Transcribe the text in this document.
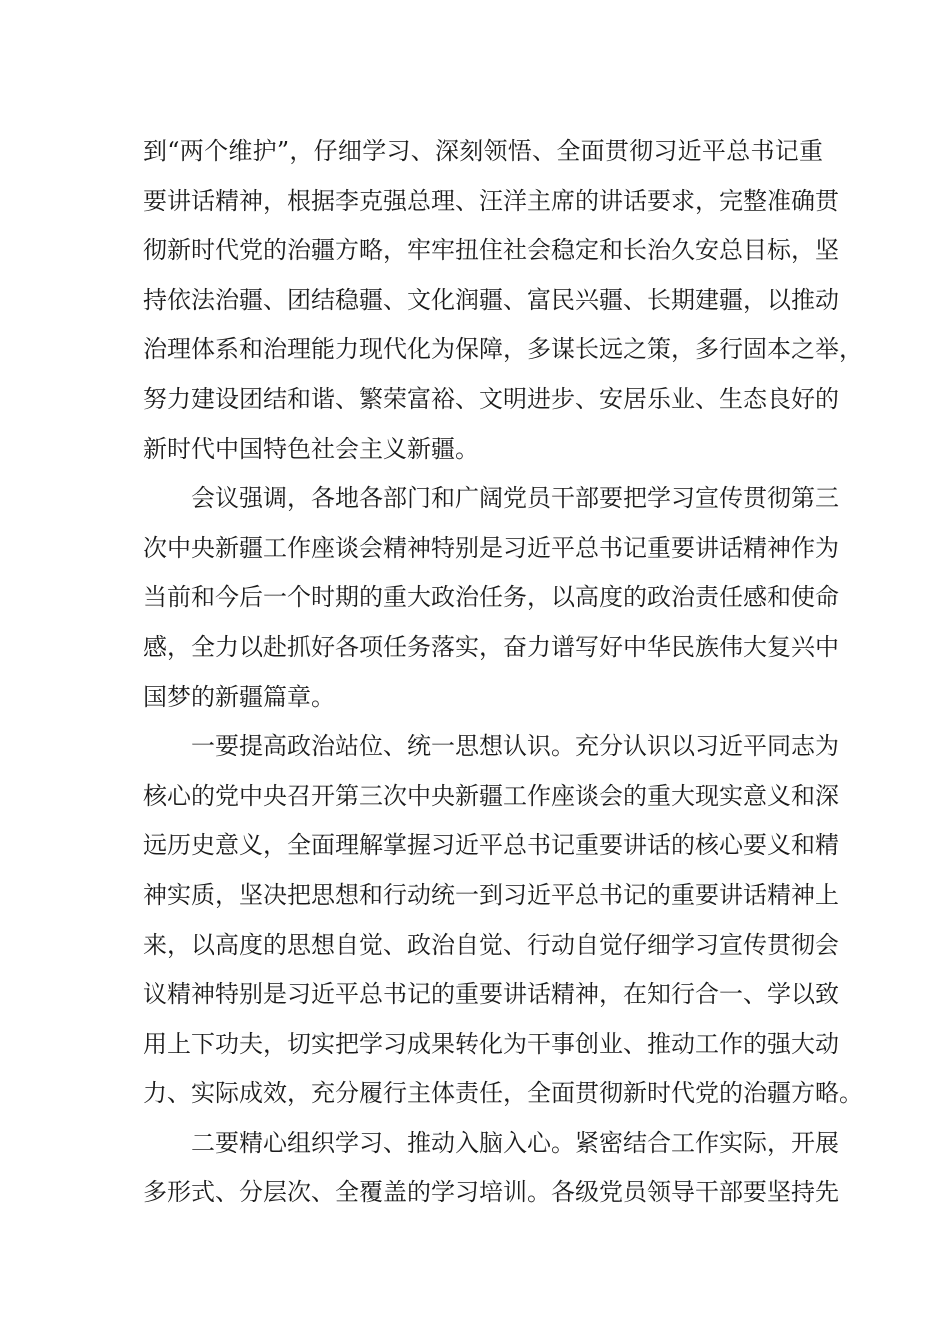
到“两个维护”，仔细学习、深刻领悟、全面贯彻习近平总书记重
要讲话精神，根据李克强总理、汪洋主席的讲话要求，完整准确贯
彻新时代党的治疆方略，牢牢扭住社会稳定和长治久安总目标，坚
持依法治疆、团结稳疆、文化润疆、富民兴疆、长期建疆，以推动
治理体系和治理能力现代化为保障，多谋长远之策，多行固本之举，
努力建设团结和谐、繁荣富裕、文明进步、安居乐业、生态良好的
新时代中国特色社会主义新疆。
会议强调，各地各部门和广阔党员干部要把学习宣传贯彻第三
次中央新疆工作座谈会精神特别是习近平总书记重要讲话精神作为
当前和今后一个时期的重大政治任务，以高度的政治责任感和使命
感，全力以赴抓好各项任务落实，奋力谱写好中华民族伟大复兴中
国梦的新疆篇章。
一要提高政治站位、统一思想认识。充分认识以习近平同志为
核心的党中央召开第三次中央新疆工作座谈会的重大现实意义和深
远历史意义，全面理解掌握习近平总书记重要讲话的核心要义和精
神实质，坚决把思想和行动统一到习近平总书记的重要讲话精神上
来，以高度的思想自觉、政治自觉、行动自觉仔细学习宣传贯彻会
议精神特别是习近平总书记的重要讲话精神，在知行合一、学以致
用上下功夫，切实把学习成果转化为干事创业、推动工作的强大动
力、实际成效，充分履行主体责任，全面贯彻新时代党的治疆方略。
二要精心组织学习、推动入脑入心。紧密结合工作实际，开展
多形式、分层次、全覆盖的学习培训。各级党员领导干部要坚持先
